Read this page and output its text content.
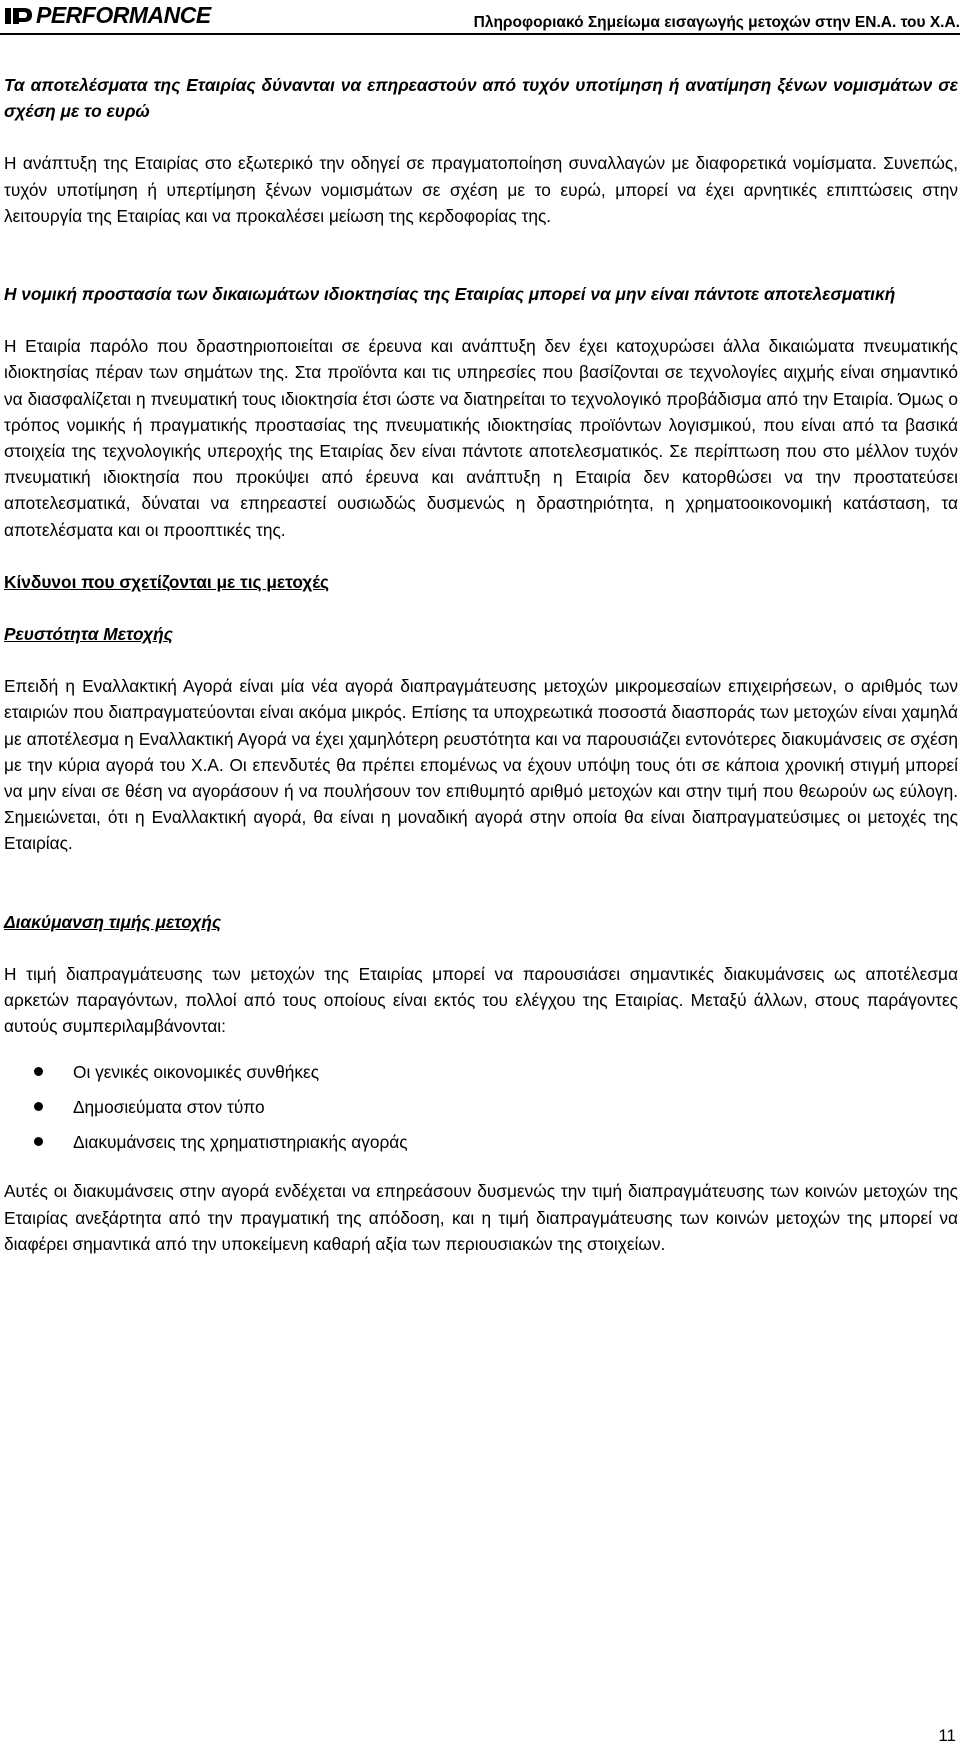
PERFORMANCE	Πληροφοριακό Σημείωμα εισαγωγής μετοχών στην ΕΝ.Α. του Χ.Α.

Τα αποτελέσματα της Εταιρίας δύνανται να επηρεαστούν από τυχόν υποτίμηση ή ανατίμηση ξένων νομισμάτων σε σχέση με το ευρώ

Η ανάπτυξη της Εταιρίας στο εξωτερικό την οδηγεί σε πραγματοποίηση συναλλαγών με διαφορετικά νομίσματα. Συνεπώς, τυχόν υποτίμηση ή υπερτίμηση ξένων νομισμάτων σε σχέση με το ευρώ, μπορεί να έχει αρνητικές επιπτώσεις στην λειτουργία της Εταιρίας και να προκαλέσει μείωση της κερδοφορίας της.

Η νομική προστασία των δικαιωμάτων ιδιοκτησίας της Εταιρίας μπορεί να μην είναι πάντοτε αποτελεσματική

Η Εταιρία παρόλο που δραστηριοποιείται σε έρευνα και ανάπτυξη δεν έχει κατοχυρώσει άλλα δικαιώματα πνευματικής ιδιοκτησίας πέραν των σημάτων της. Στα προϊόντα και τις υπηρεσίες που βασίζονται σε τεχνολογίες αιχμής είναι σημαντικό να διασφαλίζεται η πνευματική τους ιδιοκτησία έτσι ώστε να διατηρείται το τεχνολογικό προβάδισμα από την Εταιρία. Όμως ο τρόπος νομικής ή πραγματικής προστασίας της πνευματικής ιδιοκτησίας προϊόντων λογισμικού, που είναι από τα βασικά στοιχεία της τεχνολογικής υπεροχής της Εταιρίας δεν είναι πάντοτε αποτελεσματικός. Σε περίπτωση που στο μέλλον τυχόν πνευματική ιδιοκτησία που προκύψει από έρευνα και ανάπτυξη η Εταιρία δεν κατορθώσει να την προστατεύσει αποτελεσματικά, δύναται να επηρεαστεί ουσιωδώς δυσμενώς η δραστηριότητα, η χρηματοοικονομική κατάσταση, τα αποτελέσματα και οι προοπτικές της.

Κίνδυνοι που σχετίζονται με τις μετοχές

Ρευστότητα Μετοχής

Επειδή η Εναλλακτική Αγορά είναι μία νέα αγορά διαπραγμάτευσης μετοχών μικρομεσαίων επιχειρήσεων, ο αριθμός των εταιριών που διαπραγματεύονται είναι ακόμα μικρός. Επίσης τα υποχρεωτικά ποσοστά διασποράς των μετοχών είναι χαμηλά με αποτέλεσμα η Εναλλακτική Αγορά να έχει χαμηλότερη ρευστότητα και να παρουσιάζει εντονότερες διακυμάνσεις σε σχέση με την κύρια αγορά του Χ.Α. Οι επενδυτές θα πρέπει επομένως να έχουν υπόψη τους ότι σε κάποια χρονική στιγμή μπορεί να μην είναι σε θέση να αγοράσουν ή να πουλήσουν τον επιθυμητό αριθμό μετοχών και στην τιμή που θεωρούν ως εύλογη. Σημειώνεται, ότι η Εναλλακτική αγορά, θα είναι η μοναδική αγορά στην οποία θα είναι διαπραγματεύσιμες οι μετοχές της Εταιρίας.

Διακύμανση τιμής μετοχής

Η τιμή διαπραγμάτευσης των μετοχών της Εταιρίας μπορεί να παρουσιάσει σημαντικές διακυμάνσεις ως αποτέλεσμα αρκετών παραγόντων, πολλοί από τους οποίους είναι εκτός του ελέγχου της Εταιρίας. Μεταξύ άλλων, στους παράγοντες αυτούς συμπεριλαμβάνονται:

Οι γενικές οικονομικές συνθήκες
Δημοσιεύματα στον τύπο
Διακυμάνσεις της χρηματιστηριακής αγοράς

Αυτές οι διακυμάνσεις στην αγορά ενδέχεται να επηρεάσουν δυσμενώς την τιμή διαπραγμάτευσης των κοινών μετοχών της Εταιρίας ανεξάρτητα από την πραγματική της απόδοση, και η τιμή διαπραγμάτευσης των κοινών μετοχών της μπορεί να διαφέρει σημαντικά από την υποκείμενη καθαρή αξία των περιουσιακών της στοιχείων.

11
